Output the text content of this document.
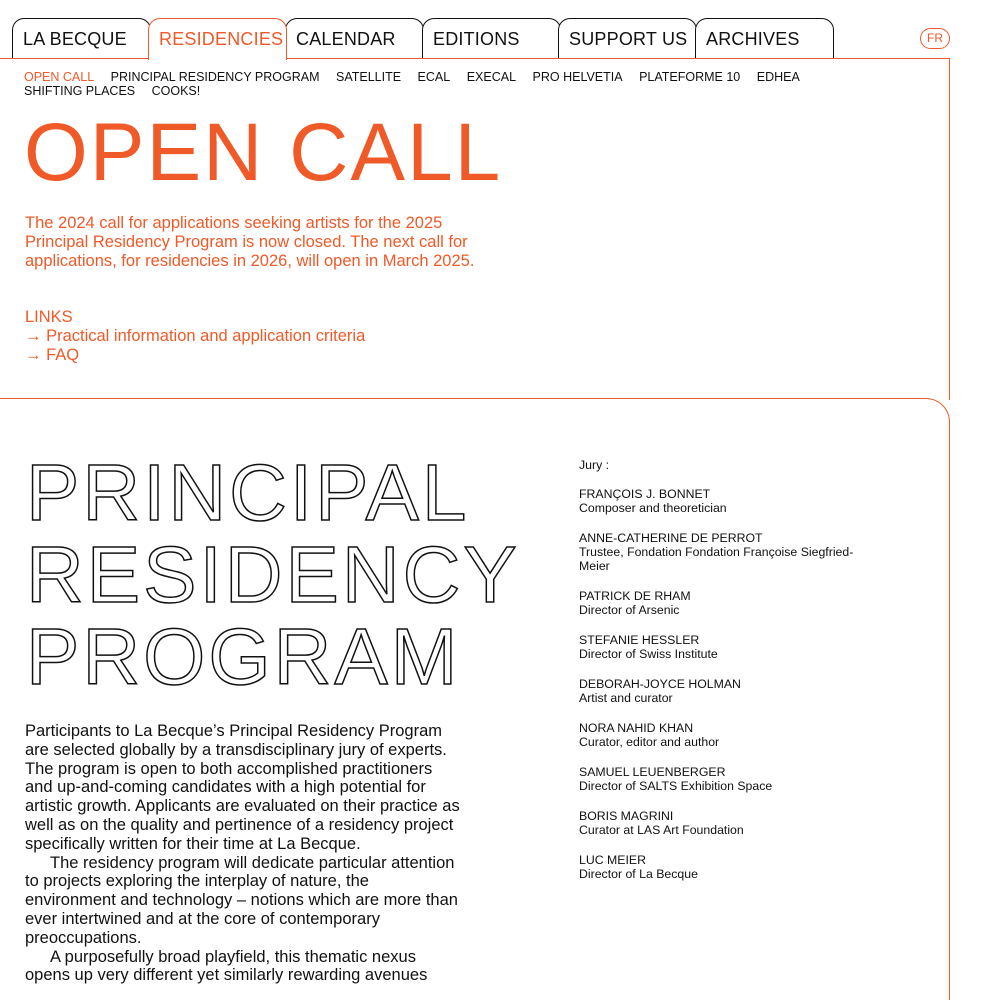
LA BECQUE	CALENDAR	EDITIONS	SUPPORT US	ARCHIVES
RESIDENCIES	FR
OPEN CALL PRINCIPAL RESIDENCY PROGRAM SATELLITE ECAL EXECAL PRO HELVETIA PLATEFORME 10 EDHEA SHIFTING PLACES COOKS!
OPEN CALL

The 2024 call for applications seeking artists for the 2025 Principal Residency Program is now closed. The next call for applications, for residencies in 2026, will open in March 2025.

LINKS
→ Practical information and application criteria
→ FAQ
PRINCIPAL RESIDENCY PROGRAM

Participants to La Becque’s Principal Residency Program are selected globally by a transdisciplinary jury of experts. The program is open to both accomplished practitioners and up-and-coming candidates with a high potential for artistic growth. Applicants are evaluated on their practice as well as on the quality and pertinence of a residency project specifically written for their time at La Becque.

The residency program will dedicate particular attention to projects exploring the interplay of nature, the environment and technology – notions which are more than ever intertwined and at the core of contemporary preoccupations.

A purposefully broad playfield, this thematic nexus opens up very different yet similarly rewarding avenues

Jury :
FRANÇOIS J. BONNET
Composer and theoretician
ANNE-CATHERINE DE PERROT
Trustee, Fondation Fondation Françoise Siegfried-Meier
PATRICK DE RHAM
Director of Arsenic
STEFANIE HESSLER
Director of Swiss Institute
DEBORAH-JOYCE HOLMAN
Artist and curator
NORA NAHID KHAN
Curator, editor and author
SAMUEL LEUENBERGER
Director of SALTS Exhibition Space
BORIS MAGRINI
Curator at LAS Art Foundation
LUC MEIER
Director of La Becque
